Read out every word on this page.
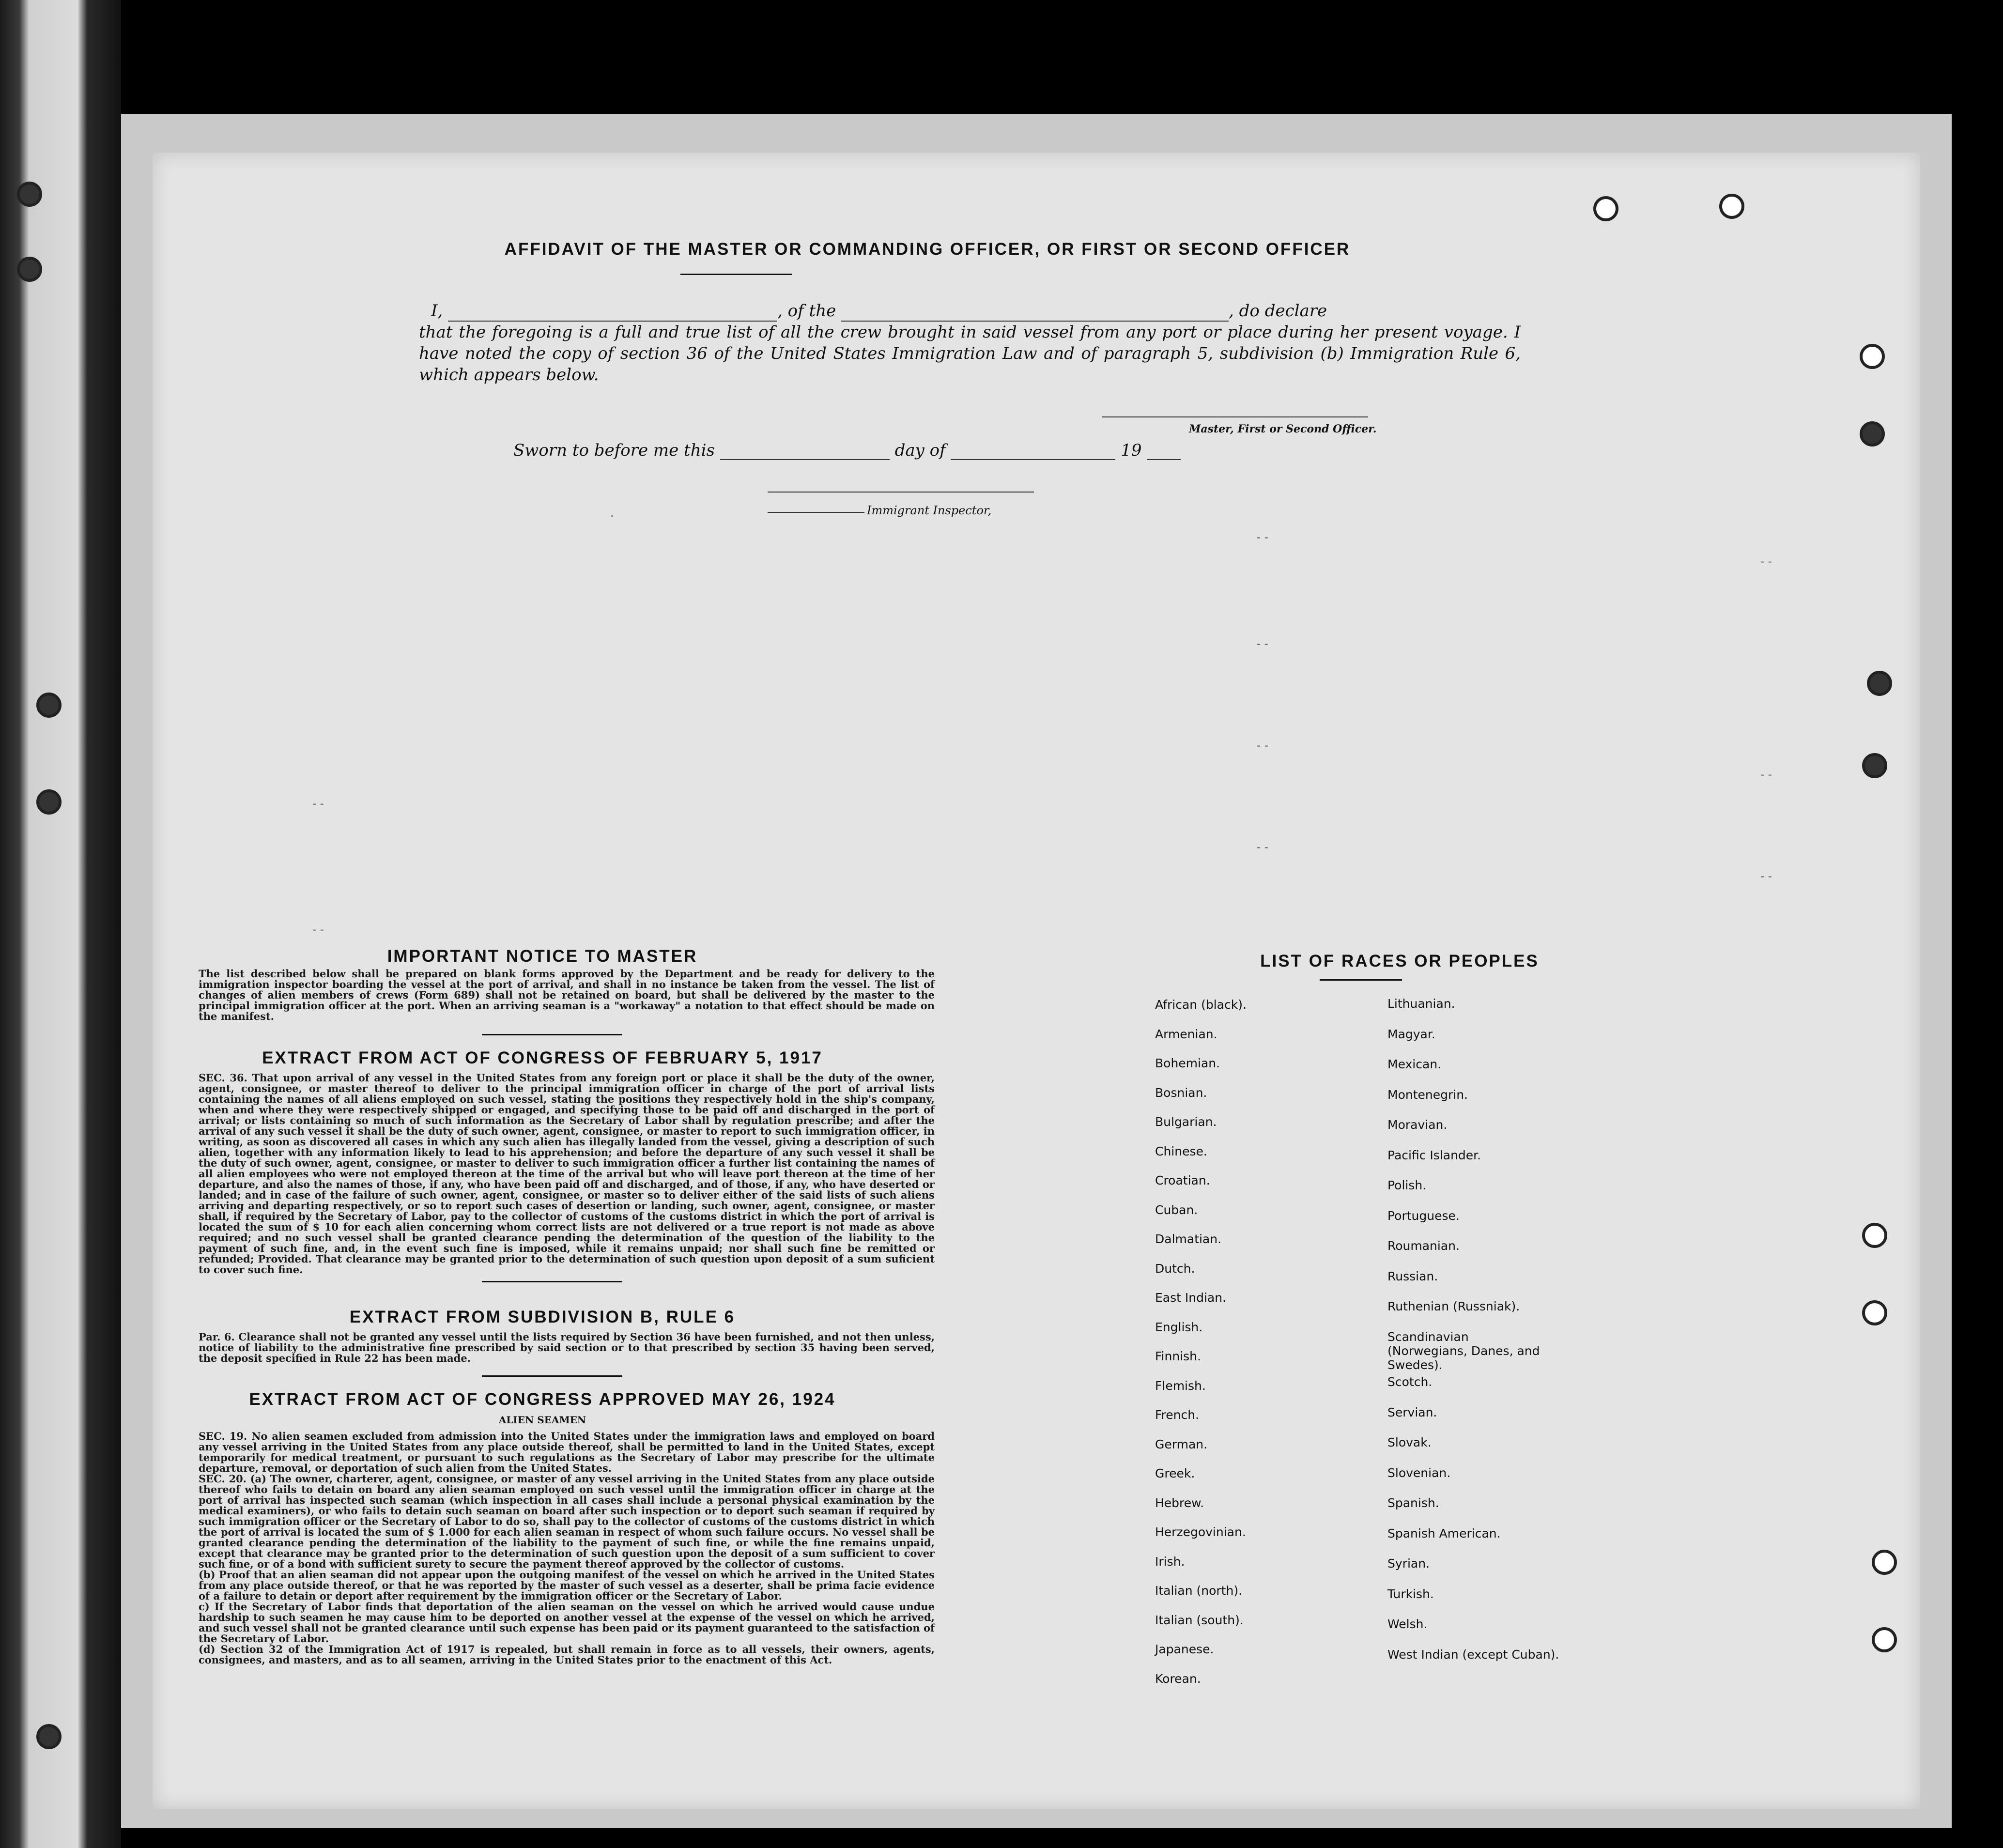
AFFIDAVIT OF THE MASTER OR COMMANDING OFFICER, OR FIRST OR SECOND OFFICER
I,	, of the	, do declare
that the foregoing is a full and true list of all the crew brought in said vessel from any port or place during her present voyage. I have noted the copy of section 36 of the United States Immigration Law and of paragraph 5, subdivision (b) Immigration Rule 6, which appears below.
Master, First or Second Officer.
Sworn to before me this	day of	19
Immigrant Inspector,
IMPORTANT NOTICE TO MASTER
The list described below shall be prepared on blank forms approved by the Department and be ready for delivery to the immigration inspector boarding the vessel at the port of arrival, and shall in no instance be taken from the vessel. The list of changes of alien members of crews (Form 689) shall not be retained on board, but shall be delivered by the master to the principal immigration officer at the port. When an arriving seaman is a "workaway" a notation to that effect should be made on the manifest.
EXTRACT FROM ACT OF CONGRESS OF FEBRUARY 5, 1917
SEC. 36. That upon arrival of any vessel in the United States from any foreign port or place it shall be the duty of the owner, agent, consignee, or master thereof to deliver to the principal immigration officer in charge of the port of arrival lists containing the names of all aliens employed on such vessel, stating the positions they respectively hold in the ship's company, when and where they were respectively shipped or engaged, and specifying those to be paid off and discharged in the port of arrival; or lists containing so much of such information as the Secretary of Labor shall by regulation prescribe; and after the arrival of any such vessel it shall be the duty of such owner, agent, consignee, or master to report to such immigration officer, in writing, as soon as discovered all cases in which any such alien has illegally landed from the vessel, giving a description of such alien, together with any information likely to lead to his apprehension; and before the departure of any such vessel it shall be the duty of such owner, agent, consignee, or master to deliver to such immigration officer a further list containing the names of all alien employees who were not employed thereon at the time of the arrival but who will leave port thereon at the time of her departure, and also the names of those, if any, who have been paid off and discharged, and of those, if any, who have deserted or landed; and in case of the failure of such owner, agent, consignee, or master so to deliver either of the said lists of such aliens arriving and departing respectively, or so to report such cases of desertion or landing, such owner, agent, consignee, or master shall, if required by the Secretary of Labor, pay to the collector of customs of the customs district in which the port of arrival is located the sum of $ 10 for each alien concerning whom correct lists are not delivered or a true report is not made as above required; and no such vessel shall be granted clearance pending the determination of the question of the liability to the payment of such fine, and, in the event such fine is imposed, while it remains unpaid; nor shall such fine be remitted or refunded; Provided. That clearance may be granted prior to the determination of such question upon deposit of a sum suficient to cover such fine.
EXTRACT FROM SUBDIVISION B, RULE 6
Par. 6. Clearance shall not be granted any vessel until the lists required by Section 36 have been furnished, and not then unless, notice of liability to the administrative fine prescribed by said section or to that prescribed by section 35 having been served, the deposit specified in Rule 22 has been made.
EXTRACT FROM ACT OF CONGRESS APPROVED MAY 26, 1924
ALIEN SEAMEN
SEC. 19. No alien seamen excluded from admission into the United States under the immigration laws and employed on board any vessel arriving in the United States from any place outside thereof, shall be permitted to land in the United States, except temporarily for medical treatment, or pursuant to such regulations as the Secretary of Labor may prescribe for the ultimate departure, removal, or deportation of such alien from the United States.
SEC. 20. (a) The owner, charterer, agent, consignee, or master of any vessel arriving in the United States from any place outside thereof who fails to detain on board any alien seaman employed on such vessel until the immigration officer in charge at the port of arrival has inspected such seaman (which inspection in all cases shall include a personal physical examination by the medical examiners), or who fails to detain such seaman on board after such inspection or to deport such seaman if required by such immigration officer or the Secretary of Labor to do so, shall pay to the collector of customs of the customs district in which the port of arrival is located the sum of $ 1.000 for each alien seaman in respect of whom such failure occurs. No vessel shall be granted clearance pending the determination of the liability to the payment of such fine, or while the fine remains unpaid, except that clearance may be granted prior to the determination of such question upon the deposit of a sum sufficient to cover such fine, or of a bond with sufficient surety to secure the payment thereof approved by the collector of customs.
(b) Proof that an alien seaman did not appear upon the outgoing manifest of the vessel on which he arrived in the United States from any place outside thereof, or that he was reported by the master of such vessel as a deserter, shall be prima facie evidence of a failure to detain or deport after requirement by the immigration officer or the Secretary of Labor.
c) If the Secretary of Labor finds that deportation of the alien seaman on the vessel on which he arrived would cause undue hardship to such seamen he may cause him to be deported on another vessel at the expense of the vessel on which he arrived, and such vessel shall not be granted clearance until such expense has been paid or its payment guaranteed to the satisfaction of the Secretary of Labor.
(d) Section 32 of the Immigration Act of 1917 is repealed, but shall remain in force as to all vessels, their owners, agents, consignees, and masters, and as to all seamen, arriving in the United States prior to the enactment of this Act.
LIST OF RACES OR PEOPLES
African (black).
Armenian.
Bohemian.
Bosnian.
Bulgarian.
Chinese.
Croatian.
Cuban.
Dalmatian.
Dutch.
East Indian.
English.
Finnish.
Flemish.
French.
German.
Greek.
Hebrew.
Herzegovinian.
Irish.
Italian (north).
Italian (south).
Japanese.
Korean.
Lithuanian.
Magyar.
Mexican.
Montenegrin.
Moravian.
Pacific Islander.
Polish.
Portuguese.
Roumanian.
Russian.
Ruthenian (Russniak).
Scandinavian (Norwegians, Danes, and Swedes).
Scotch.
Servian.
Slovak.
Slovenian.
Spanish.
Spanish American.
Syrian.
Turkish.
Welsh.
West Indian (except Cuban).
.
- -
- -
- -
- -
- -
- -
- -
- -
- -
